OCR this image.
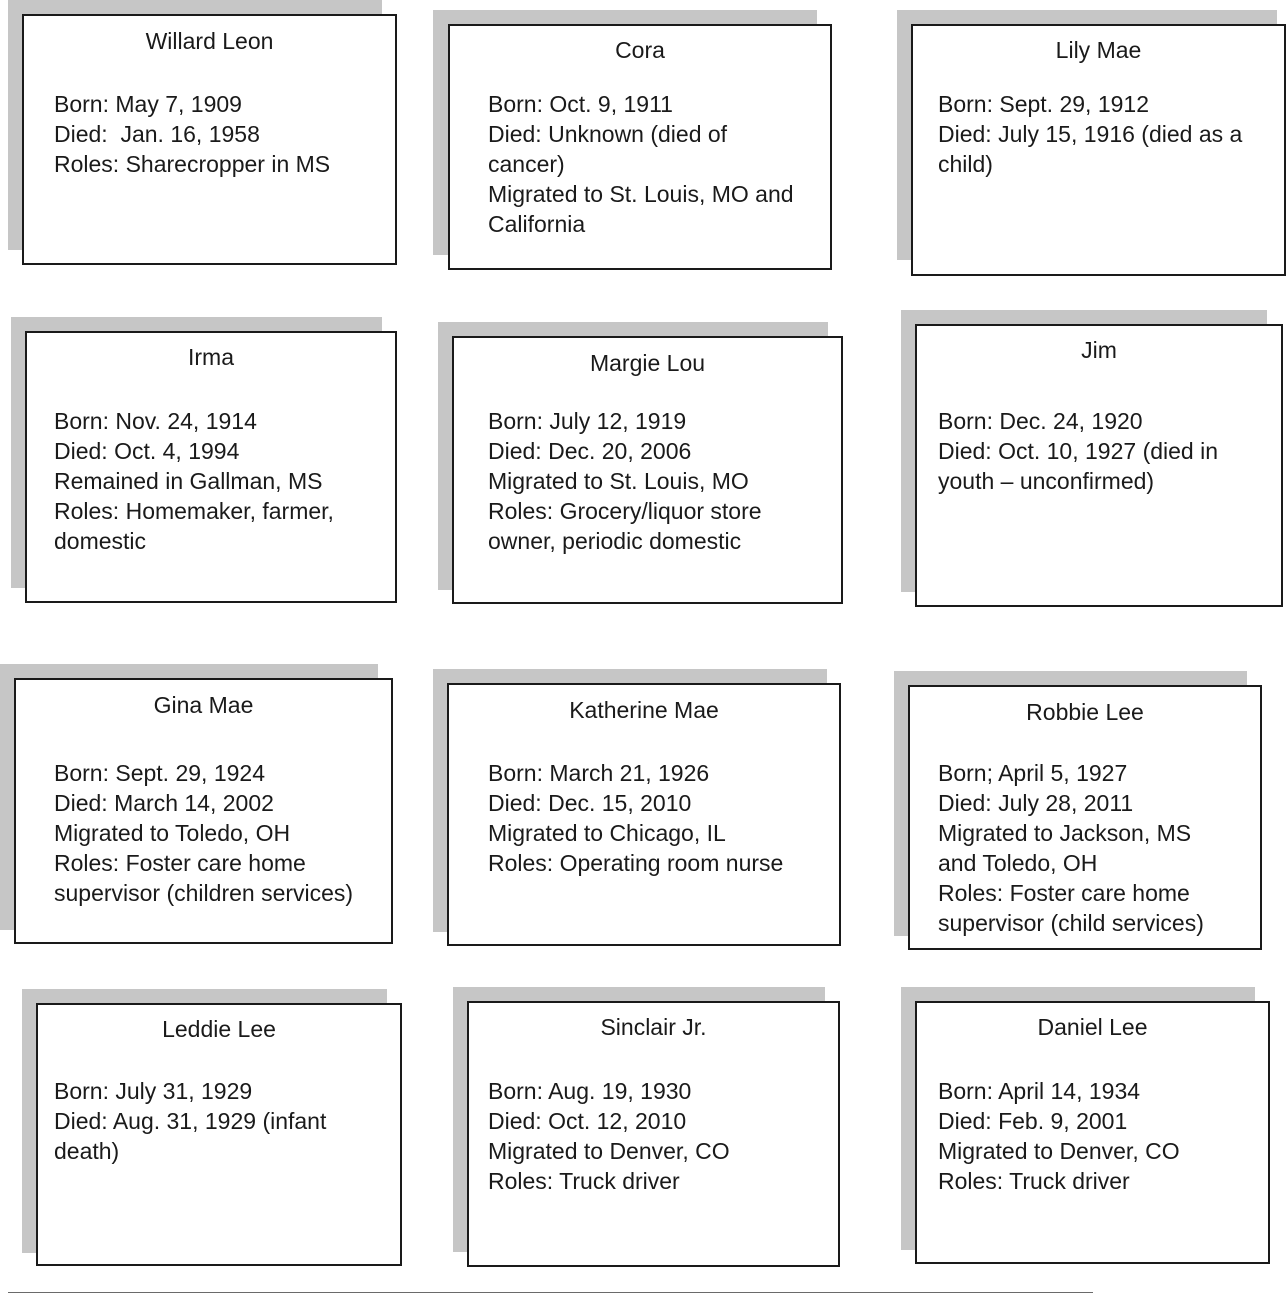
Willard Leon
Born: May 7, 1909
Died:  Jan. 16, 1958
Roles: Sharecropper in MS
Cora
Born: Oct. 9, 1911
Died: Unknown (died of
cancer)
Migrated to St. Louis, MO and
California
Lily Mae
Born: Sept. 29, 1912
Died: July 15, 1916 (died as a
child)
Irma
Born: Nov. 24, 1914
Died: Oct. 4, 1994
Remained in Gallman, MS
Roles: Homemaker, farmer,
domestic
Margie Lou
Born: July 12, 1919
Died: Dec. 20, 2006
Migrated to St. Louis, MO
Roles: Grocery/liquor store
owner, periodic domestic
Jim
Born: Dec. 24, 1920
Died: Oct. 10, 1927 (died in
youth – unconfirmed)
Gina Mae
Born: Sept. 29, 1924
Died: March 14, 2002
Migrated to Toledo, OH
Roles: Foster care home
supervisor (children services)
Katherine Mae
Born: March 21, 1926
Died: Dec. 15, 2010
Migrated to Chicago, IL
Roles: Operating room nurse
Robbie Lee
Born; April 5, 1927
Died: July 28, 2011
Migrated to Jackson, MS
and Toledo, OH
Roles: Foster care home
supervisor (child services)
Leddie Lee
Born: July 31, 1929
Died: Aug. 31, 1929 (infant
death)
Sinclair Jr.
Born: Aug. 19, 1930
Died: Oct. 12, 2010
Migrated to Denver, CO
Roles: Truck driver
Daniel Lee
Born: April 14, 1934
Died: Feb. 9, 2001
Migrated to Denver, CO
Roles: Truck driver
